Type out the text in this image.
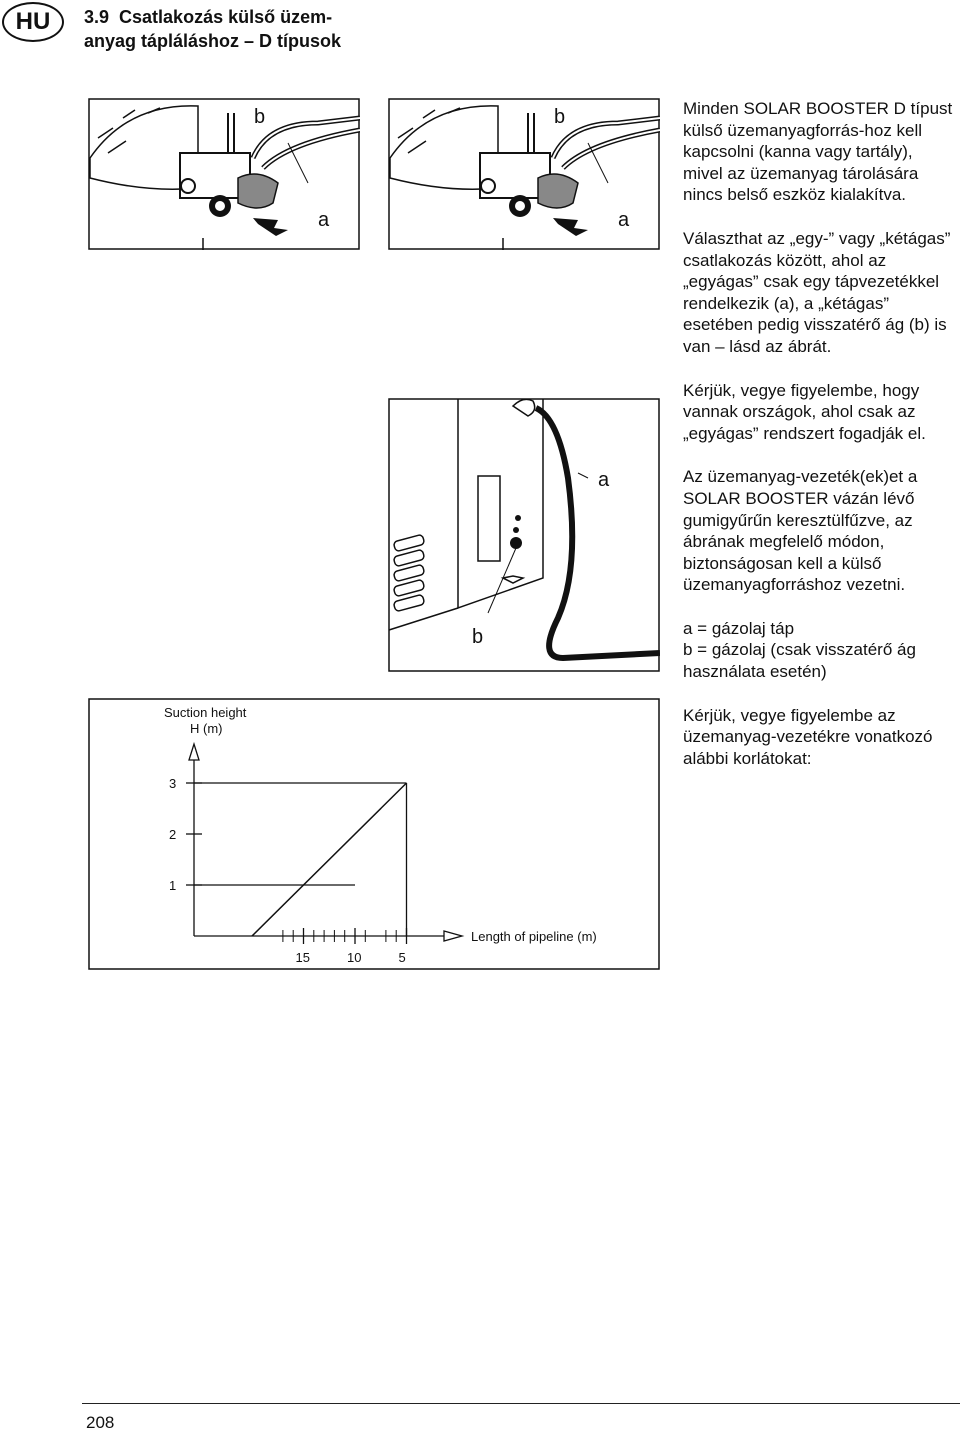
HU	3.9 Csatlakozás külső üzem-anyag tápláláshoz – D típusok
b
a
b
a
a
b
Suction height
H (m)
Length of pipeline (m)
1
2
3
15	10	5

Minden SOLAR BOOSTER D típust külső üzemanyagforrás-hoz kell kapcsolni (kanna vagy tartály), mivel az üzemanyag tárolására nincs belső eszköz kialakítva.

Választhat az „egy-” vagy „kétágas” csatlakozás között, ahol az „egyágas” csak egy tápvezetékkel rendelkezik (a), a „kétágas” esetében pedig visszatérő ág (b) is van – lásd az ábrát.

Kérjük, vegye figyelembe, hogy vannak országok, ahol csak az „egyágas” rendszert fogadják el.

Az üzemanyag-vezeték(ek)et a SOLAR BOOSTER vázán lévő gumigyűrűn keresztülfűzve, az ábrának megfelelő módon, biztonságosan kell a külső üzemanyagforráshoz vezetni.

a = gázolaj táp

b = gázolaj (csak visszatérő ág használata esetén)

Kérjük, vegye figyelembe az üzemanyag-vezetékre vonatkozó alábbi korlátokat:

208
